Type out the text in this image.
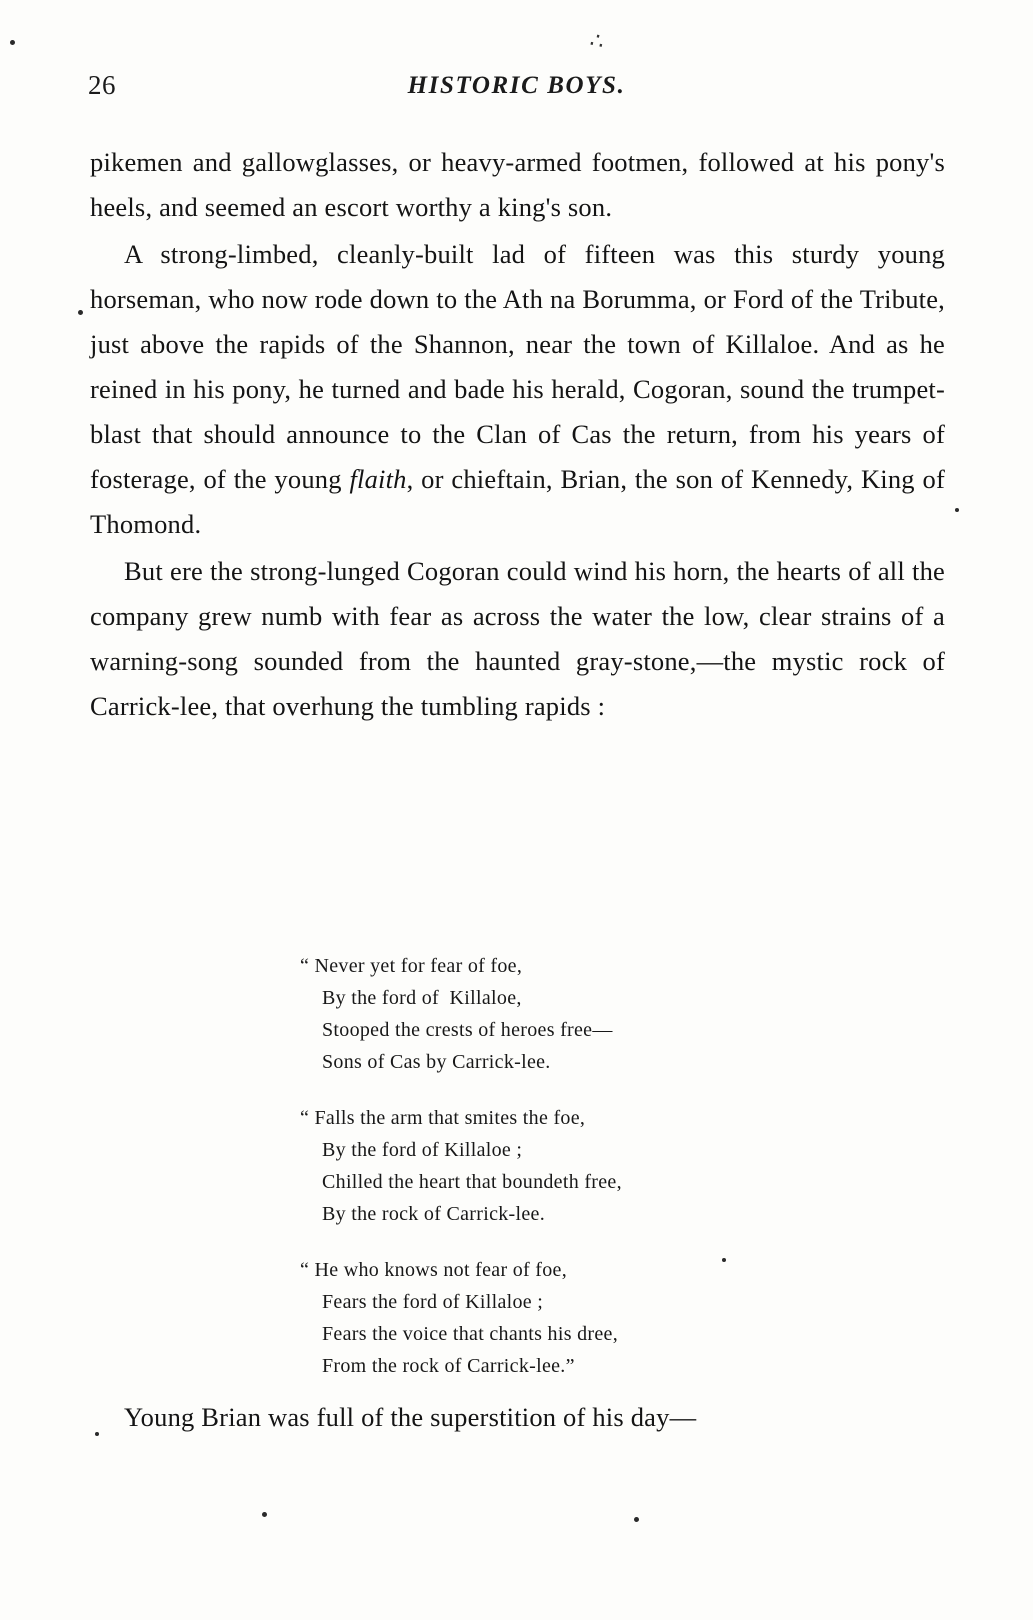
∴
26	HISTORIC BOYS.

pikemen and gallowglasses, or heavy-armed footmen, followed at his pony's heels, and seemed an escort worthy a king's son.

A strong-limbed, cleanly-built lad of fifteen was this sturdy young horseman, who now rode down to the Ath na Borumma, or Ford of the Tribute, just above the rapids of the Shannon, near the town of Killaloe. And as he reined in his pony, he turned and bade his herald, Cogoran, sound the trumpet-blast that should announce to the Clan of Cas the return, from his years of fosterage, of the young flaith, or chieftain, Brian, the son of Kennedy, King of Thomond.

But ere the strong-lunged Cogoran could wind his horn, the hearts of all the company grew numb with fear as across the water the low, clear strains of a warning-song sounded from the haunted gray-stone,—the mystic rock of Carrick-lee, that overhung the tumbling rapids :

“ Never yet for fear of foe,
By the ford of  Killaloe,
Stooped the crests of heroes free—
Sons of Cas by Carrick-lee.
“ Falls the arm that smites the foe,
By the ford of Killaloe ;
Chilled the heart that boundeth free,
By the rock of Carrick-lee.
“ He who knows not fear of foe,
Fears the ford of Killaloe ;
Fears the voice that chants his dree,
From the rock of Carrick-lee.”
Young Brian was full of the superstition of his day—
